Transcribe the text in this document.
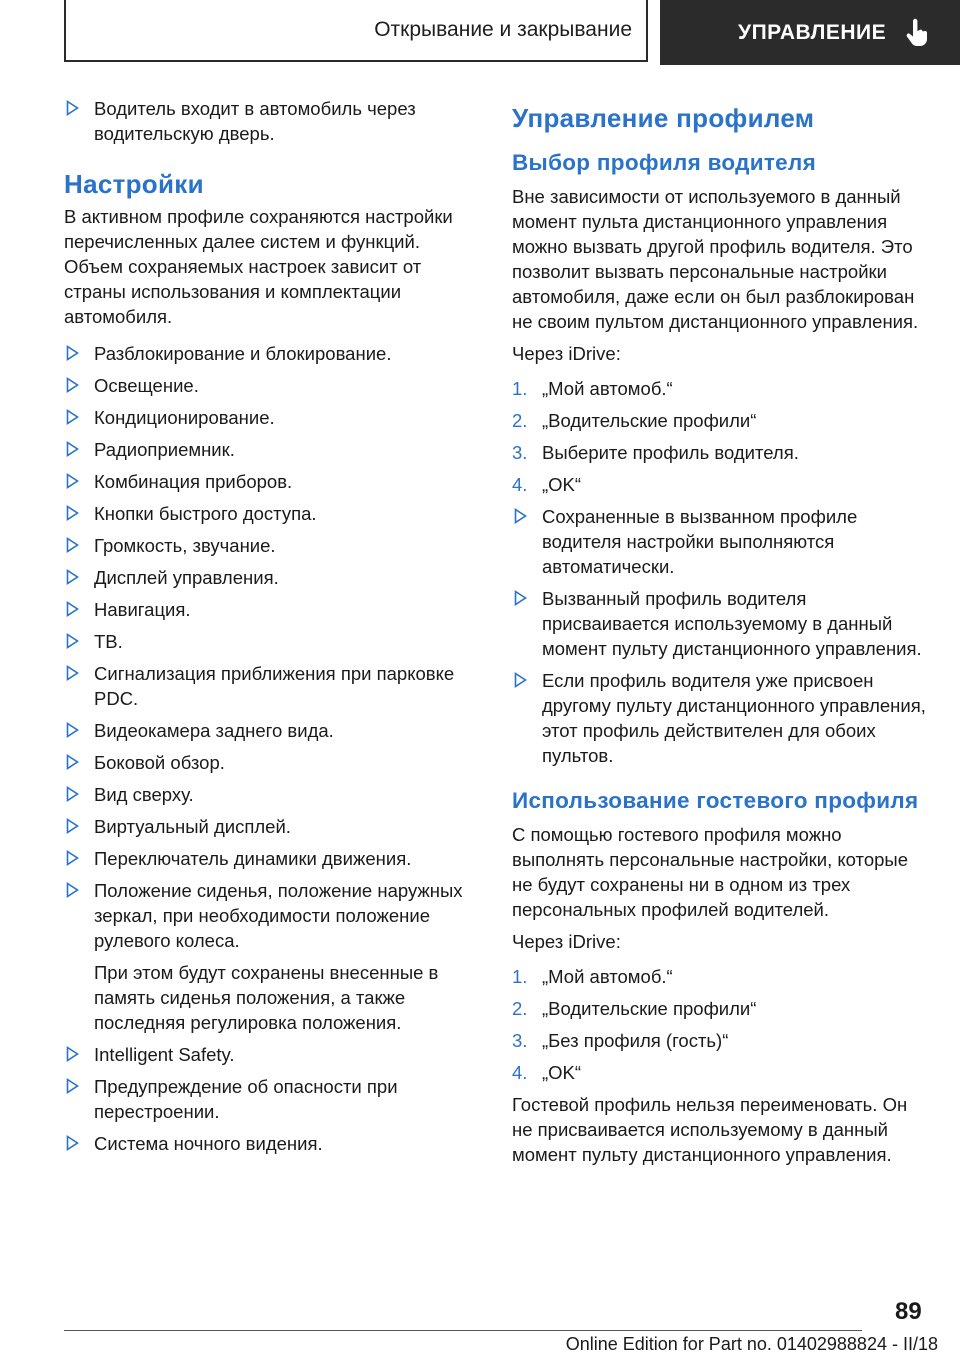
Открывание и закрывание	УПРАВЛЕНИЕ
Водитель входит в автомобиль через водительскую дверь.
Настройки
В активном профиле сохраняются настройки перечисленных далее систем и функций. Объем сохраняемых настроек зависит от страны использования и комплектации автомобиля.
Разблокирование и блокирование.
Освещение.
Кондиционирование.
Радиоприемник.
Комбинация приборов.
Кнопки быстрого доступа.
Громкость, звучание.
Дисплей управления.
Навигация.
ТВ.
Сигнализация приближения при парковке PDC.
Видеокамера заднего вида.
Боковой обзор.
Вид сверху.
Виртуальный дисплей.
Переключатель динамики движения.
Положение сиденья, положение наружных зеркал, при необходимости положение рулевого колеса.
При этом будут сохранены внесенные в память сиденья положения, а также последняя регулировка положения.
Intelligent Safety.
Предупреждение об опасности при перестроении.
Система ночного видения.
Управление профилем
Выбор профиля водителя
Вне зависимости от используемого в данный момент пульта дистанционного управления можно вызвать другой профиль водителя. Это позволит вызвать персональные настройки автомобиля, даже если он был разблокирован не своим пультом дистанционного управления.
Через iDrive:
1. „Мой автомоб.“
2. „Водительские профили“
3. Выберите профиль водителя.
4. „OK“
Сохраненные в вызванном профиле водителя настройки выполняются автоматически.
Вызванный профиль водителя присваивается используемому в данный момент пульту дистанционного управления.
Если профиль водителя уже присвоен другому пульту дистанционного управления, этот профиль действителен для обоих пультов.
Использование гостевого профиля
С помощью гостевого профиля можно выполнять персональные настройки, которые не будут сохранены ни в одном из трех персональных профилей водителей.
Через iDrive:
1. „Мой автомоб.“
2. „Водительские профили“
3. „Без профиля (гость)“
4. „OK“
Гостевой профиль нельзя переименовать. Он не присваивается используемому в данный момент пульту дистанционного управления.
89
Online Edition for Part no. 01402988824 - II/18
